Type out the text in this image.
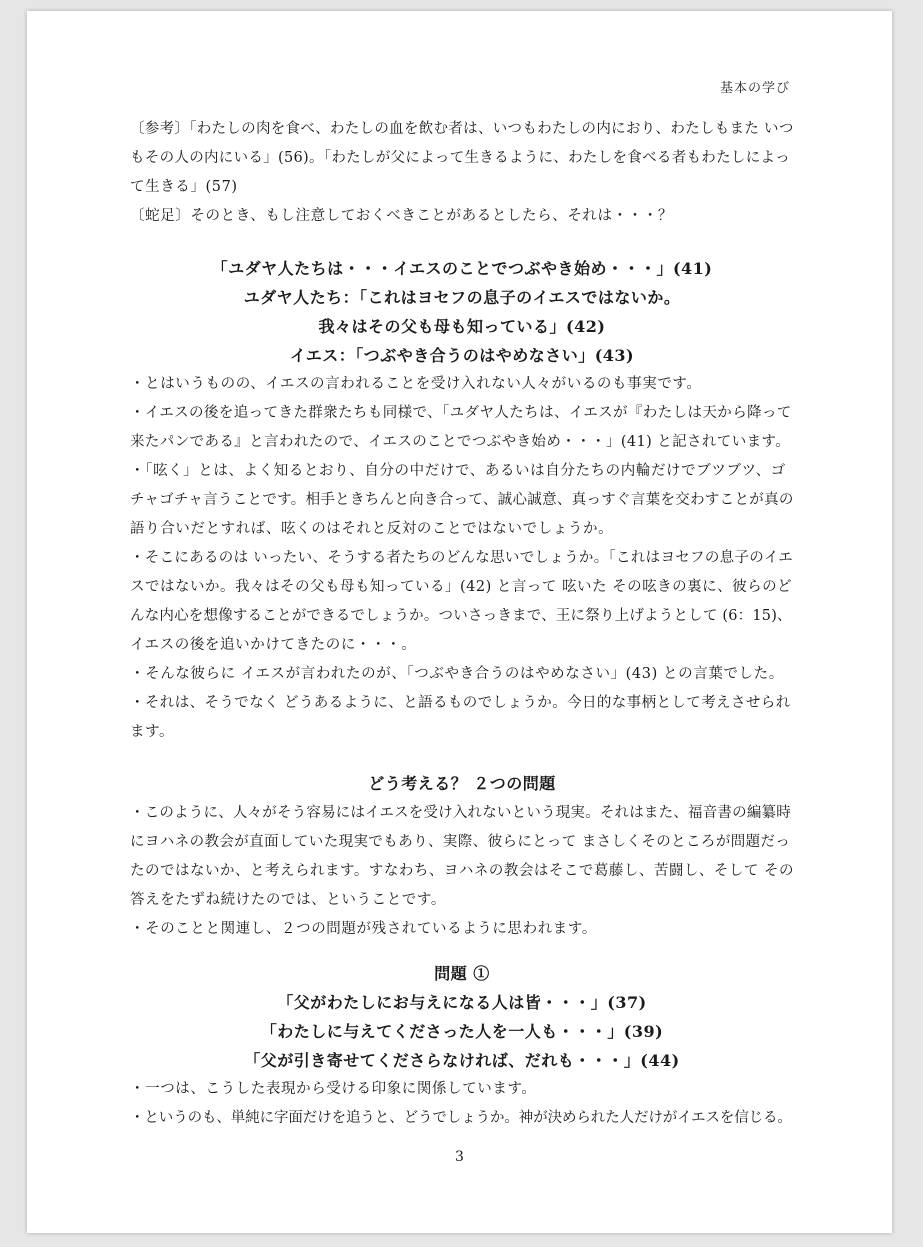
基本の学び

〔参考〕「わたしの肉を食べ、わたしの血を飲む者は、いつもわたしの内におり、わたしもまた いつ

もその人の内にいる」(56)。「わたしが父によって生きるように、わたしを食べる者もわたしによっ

て生きる」(57)

〔蛇足〕そのとき、もし注意しておくべきことがあるとしたら、それは・・・？

「ユダヤ人たちは・・・イエスのことでつぶやき始め・・・」(41)

ユダヤ人たち：「これはヨセフの息子のイエスではないか。

我々はその父も母も知っている」(42)

イエス：「つぶやき合うのはやめなさい」(43)

・とはいうものの、イエスの言われることを受け入れない人々がいるのも事実です。

・イエスの後を追ってきた群衆たちも同様で、「ユダヤ人たちは、イエスが『わたしは天から降って

来たパンである』と言われたので、イエスのことでつぶやき始め・・・」(41) と記されています。

・「呟く」とは、よく知るとおり、自分の中だけで、あるいは自分たちの内輪だけでブツブツ、ゴ

チャゴチャ言うことです。相手ときちんと向き合って、誠心誠意、真っすぐ言葉を交わすことが真の

語り合いだとすれば、呟くのはそれと反対のことではないでしょうか。

・そこにあるのは いったい、そうする者たちのどんな思いでしょうか。「これはヨセフの息子のイエ

スではないか。我々はその父も母も知っている」(42) と言って 呟いた その呟きの裏に、彼らのど

んな内心を想像することができるでしょうか。ついさっきまで、王に祭り上げようとして (6：15)、

イエスの後を追いかけてきたのに・・・。

・そんな彼らに イエスが言われたのが、「つぶやき合うのはやめなさい」(43) との言葉でした。

・それは、そうでなく どうあるように、と語るものでしょうか。今日的な事柄として考えさせられ

ます。

どう考える？ ２つの問題

・このように、人々がそう容易にはイエスを受け入れないという現実。それはまた、福音書の編纂時

にヨハネの教会が直面していた現実でもあり、実際、彼らにとって まさしくそのところが問題だっ

たのではないか、と考えられます。すなわち、ヨハネの教会はそこで葛藤し、苦闘し、そして その

答えをたずね続けたのでは、ということです。

・そのことと関連し、２つの問題が残されているように思われます。

問題 ①

「父がわたしにお与えになる人は皆・・・」(37)

「わたしに与えてくださった人を一人も・・・」(39)

「父が引き寄せてくださらなければ、だれも・・・」(44)

・一つは、こうした表現から受ける印象に関係しています。

・というのも、単純に字面だけを追うと、どうでしょうか。神が決められた人だけがイエスを信じる。

3
